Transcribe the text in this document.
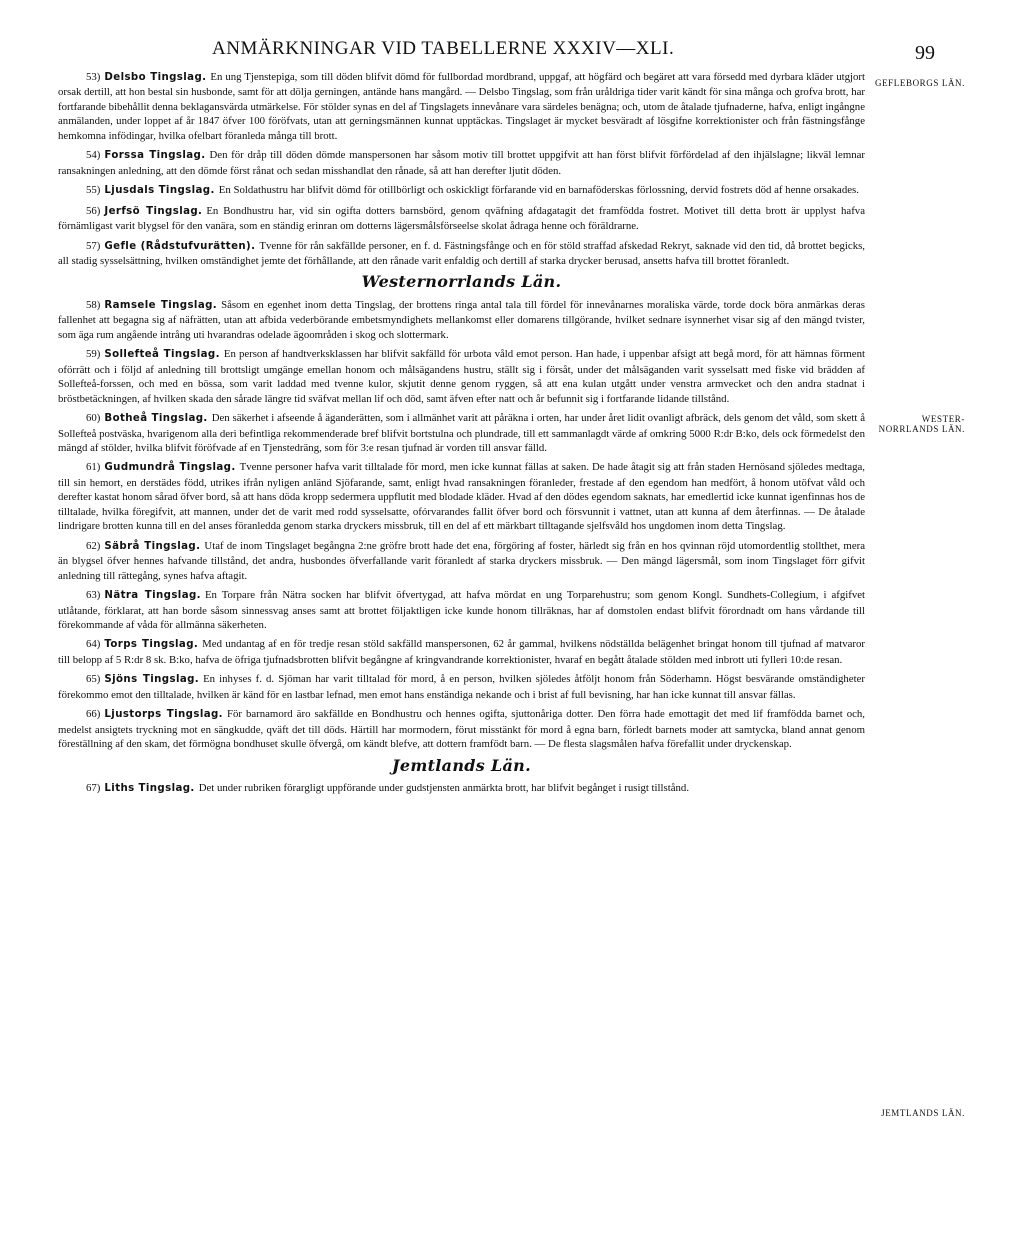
ANMÄRKNINGAR VID TABELLERNE XXXIV—XLI.	99
GEFLEBORGS LÄN.
WESTER-NORRLANDS LÄN.
JEMTLANDS LÄN.

53) Delsbo Tingslag. En ung Tjenstepiga, som till döden blifvit dömd för fullbordad mordbrand, uppgaf, att högfärd och begäret att vara försedd med dyrbara kläder utgjort orsak dertill, att hon bestal sin husbonde, samt för att dölja gerningen, antände hans mangård. — Delsbo Tingslag, som från uråldriga tider varit kändt för sina många och grofva brott, har fortfarande bibehållit denna beklagansvärda utmärkelse. För stölder synas en del af Tingslagets innevånare vara särdeles benägna; och, utom de åtalade tjufnaderne, hafva, enligt ingångne anmälanden, under loppet af år 1847 öfver 100 föröfvats, utan att gerningsmännen kunnat upptäckas. Tingslaget är mycket besväradt af lösgifne korrektionister och från fästningsfånge hemkomna infödingar, hvilka ofelbart föranleda många till brott.

54) Forssa Tingslag. Den för dråp till döden dömde manspersonen har såsom motiv till brottet uppgifvit att han först blifvit förfördelad af den ihjälslagne; likväl lemnar ransakningen anledning, att den dömde först rånat och sedan misshandlat den rånade, så att han derefter ljutit döden.

55) Ljusdals Tingslag. En Soldathustru har blifvit dömd för otillbörligt och oskickligt förfarande vid en barnaföderskas förlossning, dervid fostrets död af henne orsakades.

56) Jerfsö Tingslag. En Bondhustru har, vid sin ogifta dotters barnsbörd, genom qväfning afdagatagit det framfödda fostret. Motivet till detta brott är upplyst hafva förnämligast varit blygsel för den vanära, som en ständig erinran om dotterns lägersmålsförseelse skolat ådraga henne och föräldrarne.

57) Gefle (Rådstufvurätten). Tvenne för rån sakfällde personer, en f. d. Fästningsfånge och en för stöld straffad afskedad Rekryt, saknade vid den tid, då brottet begicks, all stadig sysselsättning, hvilken omständighet jemte det förhållande, att den rånade varit enfaldig och dertill af starka drycker berusad, ansetts hafva till brottet föranledt.

Westernorrlands Län.

58) Ramsele Tingslag. Såsom en egenhet inom detta Tingslag, der brottens ringa antal tala till fördel för innevånarnes moraliska värde, torde dock böra anmärkas deras fallenhet att begagna sig af näfrätten, utan att afbida vederbörande embetsmyndighets mellankomst eller domarens tillgörande, hvilket sednare isynnerhet visar sig af den mängd tvister, som äga rum angående intrång uti hvarandras odelade ägoområden i skog och slottermark.

59) Sollefteå Tingslag. En person af handtverksklassen har blifvit sakfälld för urbota våld emot person. Han hade, i uppenbar afsigt att begå mord, för att hämnas förment oförrätt och i följd af anledning till brottsligt umgänge emellan honom och målsägandens hustru, ställt sig i försåt, under det målsäganden varit sysselsatt med fiske vid brädden af Sollefteå-forssen, och med en bössa, som varit laddad med tvenne kulor, skjutit denne genom ryggen, så att ena kulan utgått under venstra armvecket och den andra stadnat i bröstbetäckningen, af hvilken skada den sårade längre tid sväfvat mellan lif och död, samt äfven efter natt och år befunnit sig i fortfarande lidande tillstånd.

60) Botheå Tingslag. Den säkerhet i afseende å äganderätten, som i allmänhet varit att påräkna i orten, har under året lidit ovanligt afbräck, dels genom det våld, som skett å Sollefteå postväska, hvarigenom alla deri befintliga rekommenderade bref blifvit bortstulna och plundrade, till ett sammanlagdt värde af omkring 5000 R:dr B:ko, dels ock förmedelst den mängd af stölder, hvilka blifvit föröfvade af en Tjenstedräng, som för 3:e resan tjufnad är vorden till ansvar fälld.

61) Gudmundrå Tingslag. Tvenne personer hafva varit tilltalade för mord, men icke kunnat fällas at saken. De hade åtagit sig att från staden Hernösand sjöledes medtaga, till sin hemort, en derstädes född, utrikes ifrån nyligen anländ Sjöfarande, samt, enligt hvad ransakningen föranleder, frestade af den egendom han medfört, å honom utöfvat våld och derefter kastat honom sårad öfver bord, så att hans döda kropp sedermera uppflutit med blodade kläder. Hvad af den dödes egendom saknats, har emedlertid icke kunnat igenfinnas hos de tilltalade, hvilka föregifvit, att mannen, under det de varit med rodd sysselsatte, ofórvarandes fallit öfver bord och försvunnit i vattnet, utan att kunna af dem återfinnas. — De åtalade lindrigare brotten kunna till en del anses föranledda genom starka dryckers missbruk, till en del af ett märkbart tilltagande sjelfsvåld hos ungdomen inom detta Tingslag.

62) Säbrå Tingslag. Utaf de inom Tingslaget begångna 2:ne gröfre brott hade det ena, förgöring af foster, härledt sig från en hos qvinnan röjd utomordentlig stollthet, mera än blygsel öfver hennes hafvande tillstånd, det andra, husbondes öfverfallande varit föranledt af starka dryckers missbruk. — Den mängd lägersmål, som inom Tingslaget förr gifvit anledning till rättegång, synes hafva aftagit.

63) Nätra Tingslag. En Torpare från Nätra socken har blifvit öfvertygad, att hafva mördat en ung Torparehustru; som genom Kongl. Sundhets-Collegium, i afgifvet utlåtande, förklarat, att han borde såsom sinnessvag anses samt att brottet följaktligen icke kunde honom tillräknas, har af domstolen endast blifvit förordnadt om hans vårdande till förekommande af våda för allmänna säkerheten.

64) Torps Tingslag. Med undantag af en för tredje resan stöld sakfälld manspersonen, 62 år gammal, hvilkens nödställda belägenhet bringat honom till tjufnad af matvaror till belopp af 5 R:dr 8 sk. B:ko, hafva de öfriga tjufnadsbrotten blifvit begångne af kringvandrande korrektionister, hvaraf en begått åtalade stölden med inbrott uti fyllerì 10:de resan.

65) Sjöns Tingslag. En inhyses f. d. Sjöman har varit tilltalad för mord, å en person, hvilken sjöledes åtföljt honom från Söderhamn. Högst besvärande omständigheter förekommo emot den tilltalade, hvilken är känd för en lastbar lefnad, men emot hans enständiga nekande och i brist af full bevisning, har han icke kunnat till ansvar fällas.

66) Ljustorps Tingslag. För barnamord äro sakfällde en Bondhustru och hennes ogifta, sjuttonåriga dotter. Den förra hade emottagit det med lif framfödda barnet och, medelst ansigtets tryckning mot en sängkudde, qväft det till döds. Härtill har mormodern, förut misstänkt för mord å egna barn, förledt barnets moder att samtycka, bland annat genom föreställning af den skam, det förmögna bondhuset skulle öfvergå, om kändt blefve, att dottern framfödt barn. — De flesta slagsmålen hafva förefallit under dryckenskap.

Jemtlands Län.

67) Liths Tingslag. Det under rubriken förargligt uppförande under gudstjensten anmärkta brott, har blifvit begånget i rusigt tillstånd.
